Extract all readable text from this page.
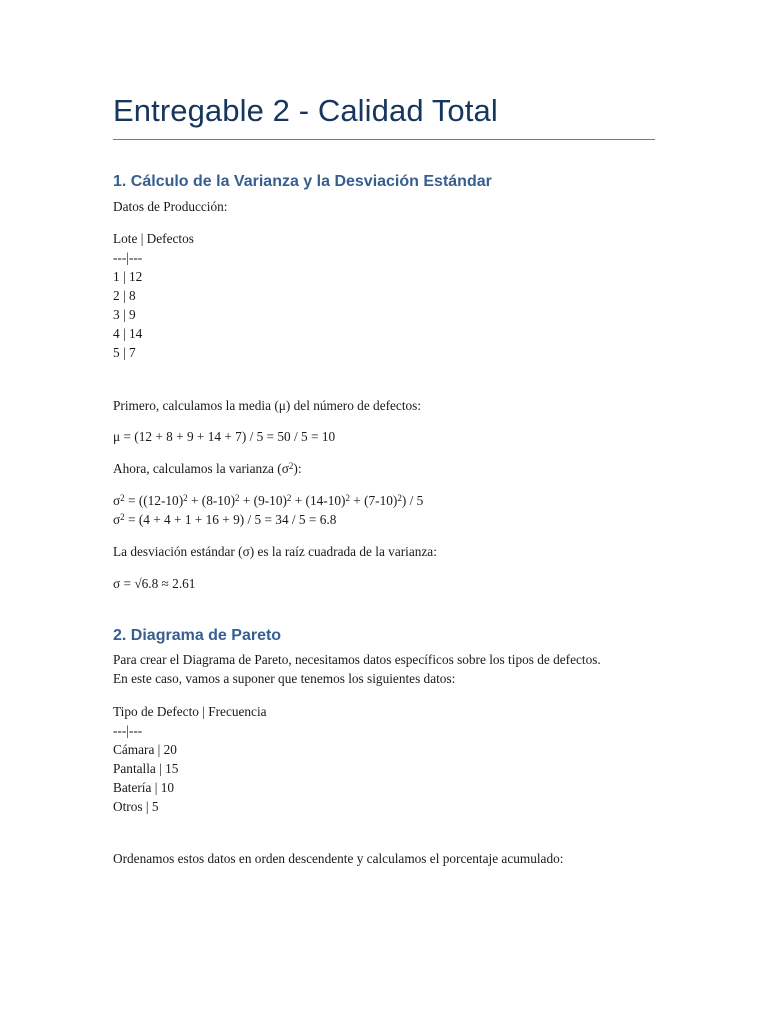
Entregable 2 - Calidad Total
1. Cálculo de la Varianza y la Desviación Estándar

Datos de Producción:

Lote | Defectos

---|---

1 | 12

2 | 8

3 | 9

4 | 14

5 | 7

Primero, calculamos la media (μ) del número de defectos:

μ = (12 + 8 + 9 + 14 + 7) / 5 = 50 / 5 = 10

Ahora, calculamos la varianza $(\sigma^2)$:

$\sigma^2 = ((12-10)^2 + (8-10)^2 + (9-10)^2 + (14-10)^2 + (7-10)^2) / 5$

$\sigma^2 = (4 + 4 + 1 + 16 + 9) / 5 = 34 / 5 = 6.8$

La desviación estándar (σ) es la raíz cuadrada de la varianza:

σ = √6.8 ≈ 2.61

2. Diagrama de Pareto

Para crear el Diagrama de Pareto, necesitamos datos específicos sobre los tipos de defectos.

En este caso, vamos a suponer que tenemos los siguientes datos:

Tipo de Defecto | Frecuencia

---|---

Cámara | 20

Pantalla | 15

Batería | 10

Otros | 5

Ordenamos estos datos en orden descendente y calculamos el porcentaje acumulado:
